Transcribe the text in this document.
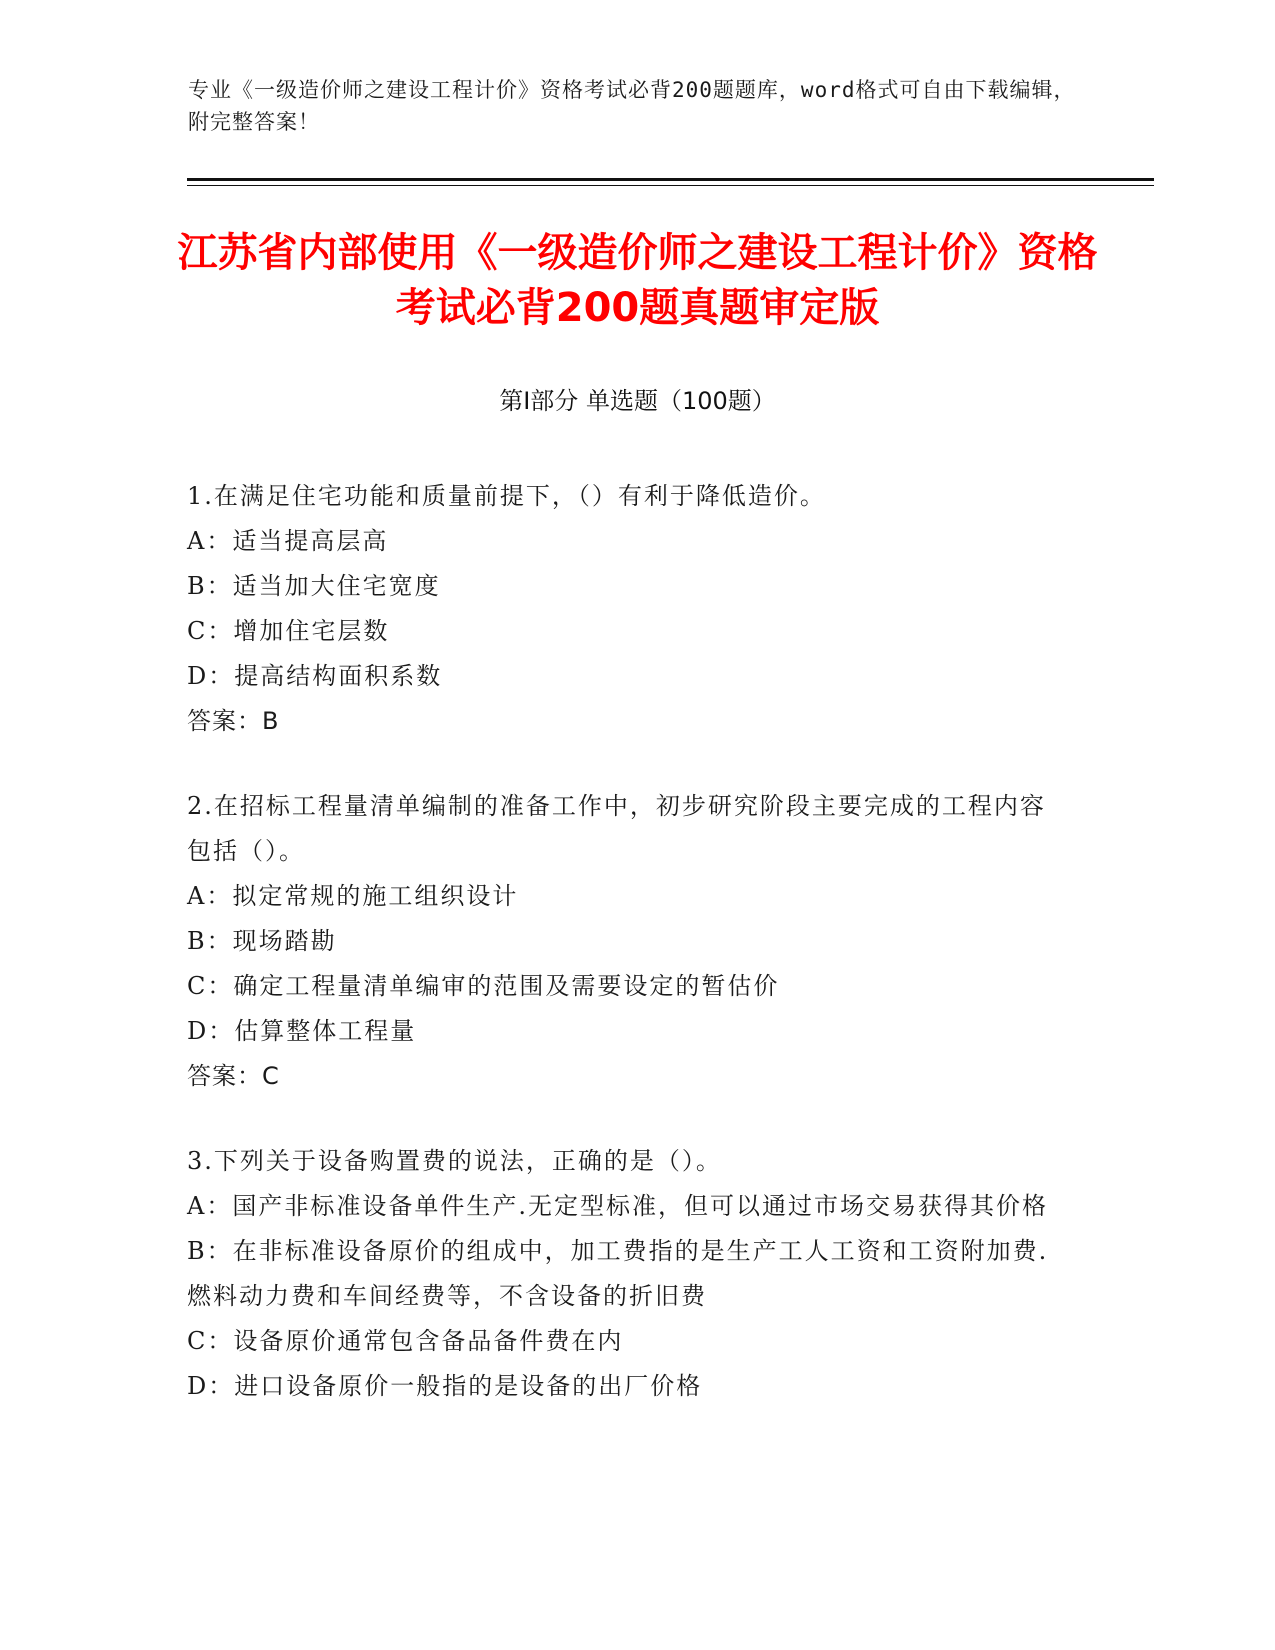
专业《一级造价师之建设工程计价》资格考试必背200题题库，word格式可自由下载编辑，附完整答案！
江苏省内部使用《一级造价师之建设工程计价》资格考试必背200题真题审定版
第Ⅰ部分 单选题（100题）

1.在满足住宅功能和质量前提下，（）有利于降低造价。

A：适当提高层高

B：适当加大住宅宽度

C：增加住宅层数

D：提高结构面积系数

答案：B

2.在招标工程量清单编制的准备工作中，初步研究阶段主要完成的工程内容包括（）。

A：拟定常规的施工组织设计

B：现场踏勘

C：确定工程量清单编审的范围及需要设定的暂估价

D：估算整体工程量

答案：C

3.下列关于设备购置费的说法，正确的是（）。

A：国产非标准设备单件生产.无定型标准，但可以通过市场交易获得其价格

B：在非标准设备原价的组成中，加工费指的是生产工人工资和工资附加费.燃料动力费和车间经费等，不含设备的折旧费

C：设备原价通常包含备品备件费在内

D：进口设备原价一般指的是设备的出厂价格
